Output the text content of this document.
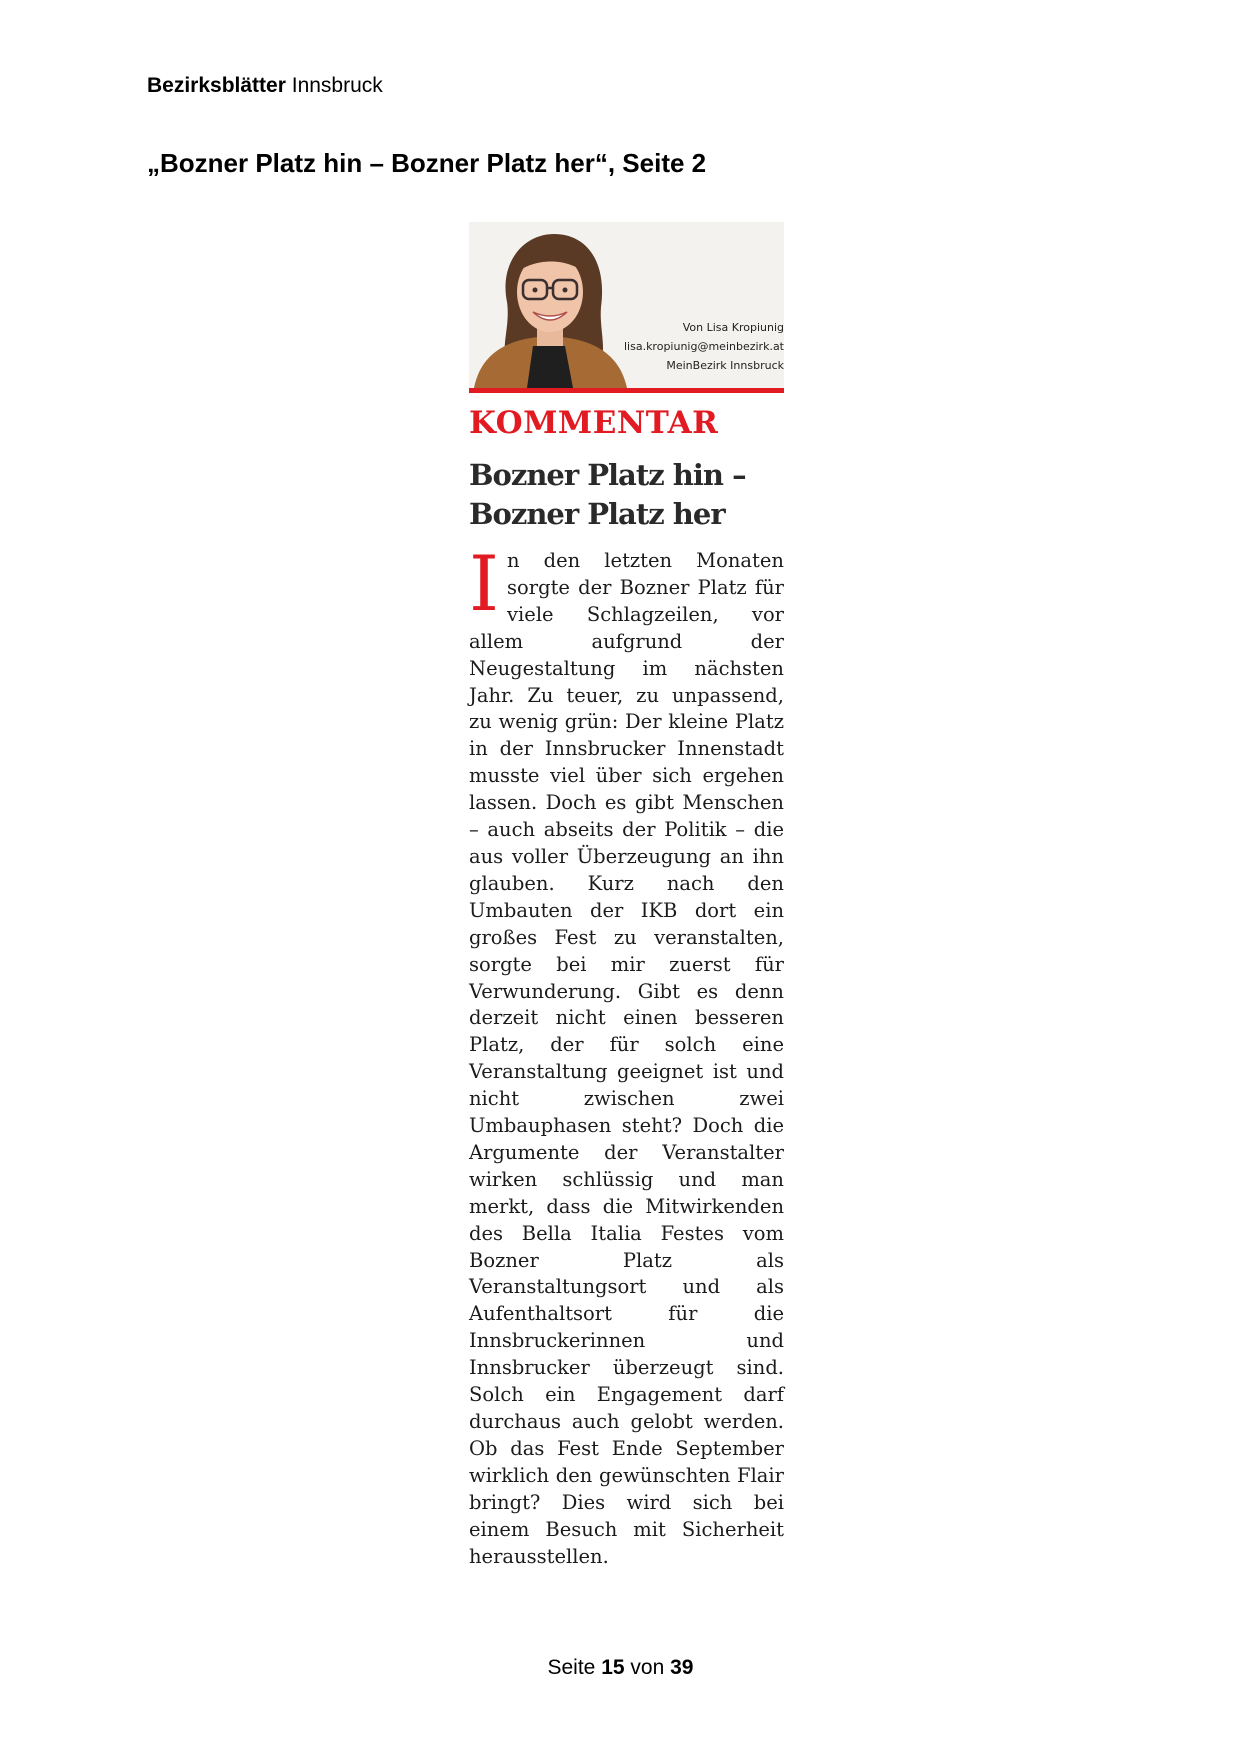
Bezirksblätter Innsbruck
„Bozner Platz hin – Bozner Platz her“, Seite 2
Von Lisa Kropiunig
lisa.kropiunig@meinbezirk.at
MeinBezirk Innsbruck
KOMMENTAR
Bozner Platz hin –
Bozner Platz her
I n den letzten Monaten sorgte der Bozner Platz für viele Schlagzeilen, vor allem aufgrund der Neugestaltung im nächsten Jahr. Zu teuer, zu unpassend, zu wenig grün: Der kleine Platz in der Innsbrucker Innenstadt musste viel über sich ergehen lassen. Doch es gibt Menschen – auch abseits der Politik – die aus voller Überzeugung an ihn glauben. Kurz nach den Umbauten der IKB dort ein großes Fest zu veranstalten, sorgte bei mir zuerst für Verwunderung. Gibt es denn derzeit nicht einen besseren Platz, der für solch eine Veranstaltung geeignet ist und nicht zwischen zwei Umbauphasen steht? Doch die Argumente der Veranstalter wirken schlüssig und man merkt, dass die Mitwirkenden des Bella Italia Festes vom Bozner Platz als Veranstaltungsort und als Aufenthaltsort für die Innsbruckerinnen und Innsbrucker überzeugt sind. Solch ein Engagement darf durchaus auch gelobt werden. Ob das Fest Ende September wirklich den gewünschten Flair bringt? Dies wird sich bei einem Besuch mit Sicherheit herausstellen.
Seite 15 von 39
